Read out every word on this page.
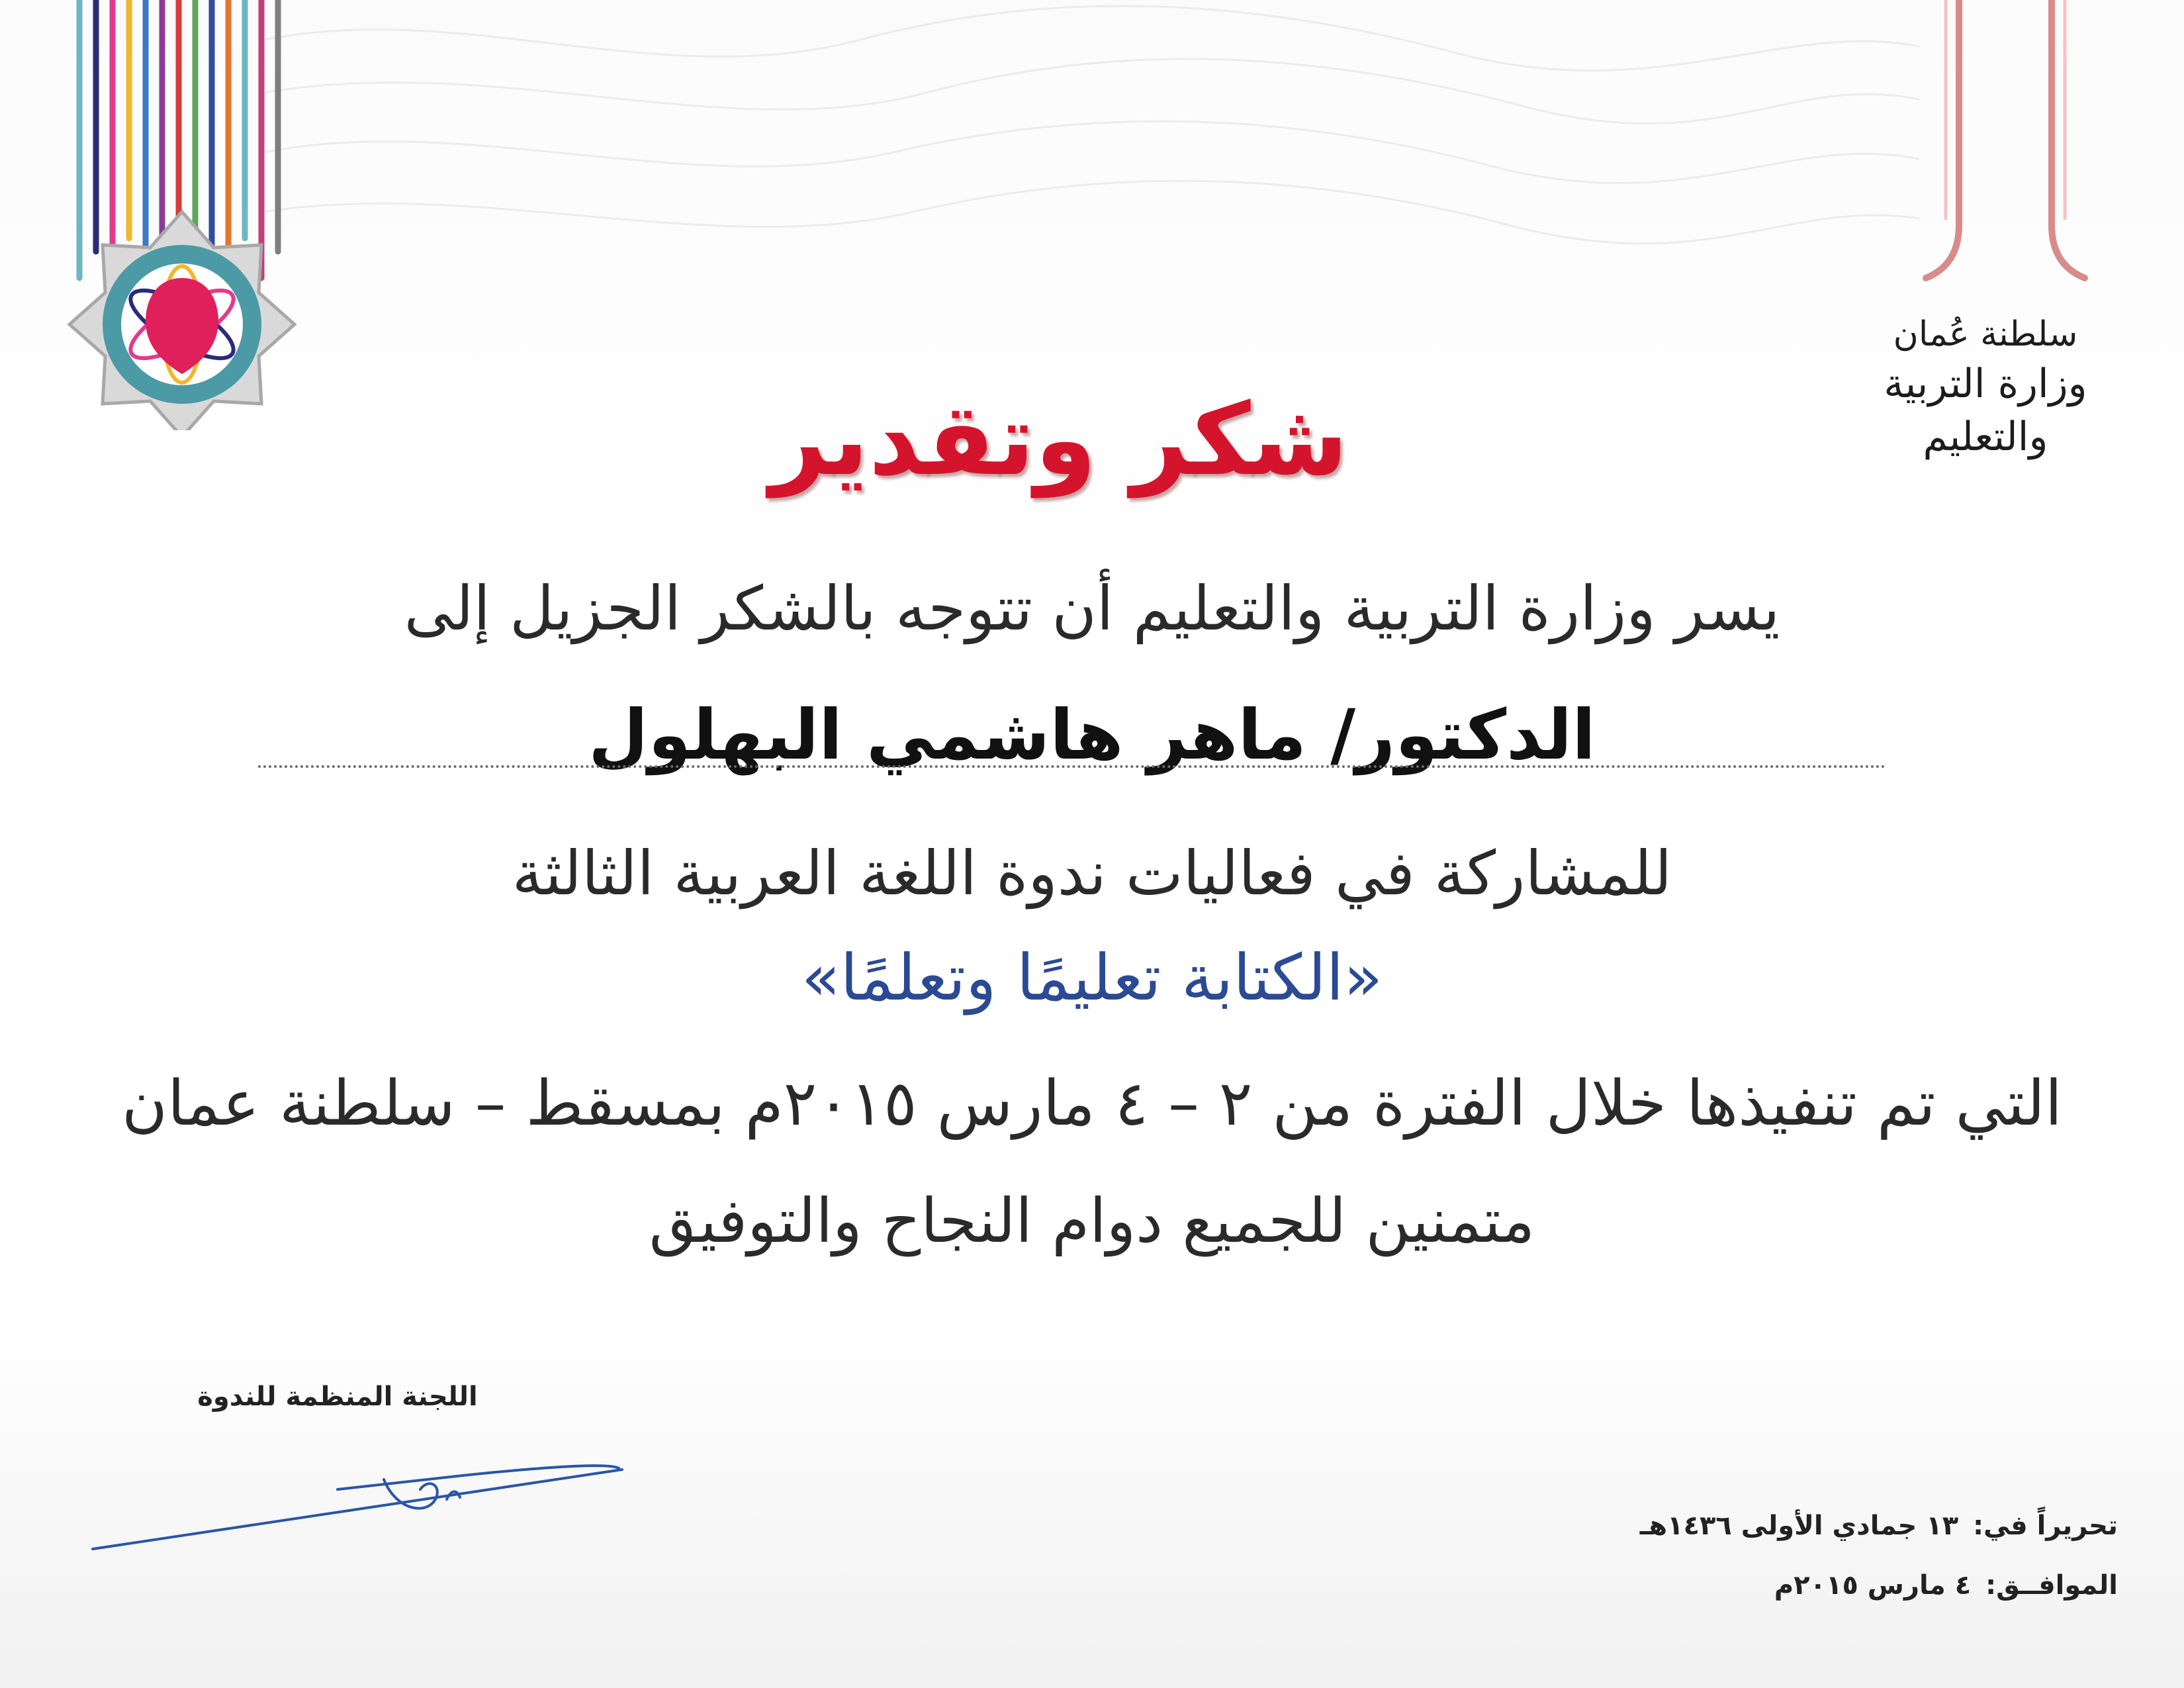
سلطنة عُمان
وزارة التربية والتعليم
شكر وتقدير
يسر وزارة التربية والتعليم أن تتوجه بالشكر الجزيل إلى
الدكتور/ ماهر هاشمي البهلول
للمشاركة في فعاليات ندوة اللغة العربية الثالثة
«الكتابة تعليمًا وتعلمًا»
التي تم تنفيذها خلال الفترة من ٢ – ٤ مارس ٢٠١٥م بمسقط – سلطنة عمان
متمنين للجميع دوام النجاح والتوفيق
اللجنة المنظمة للندوة
تحريراً في: ١٣ جمادي الأولى ١٤٣٦هـ
الموافــق: ٤ مارس ٢٠١٥م
